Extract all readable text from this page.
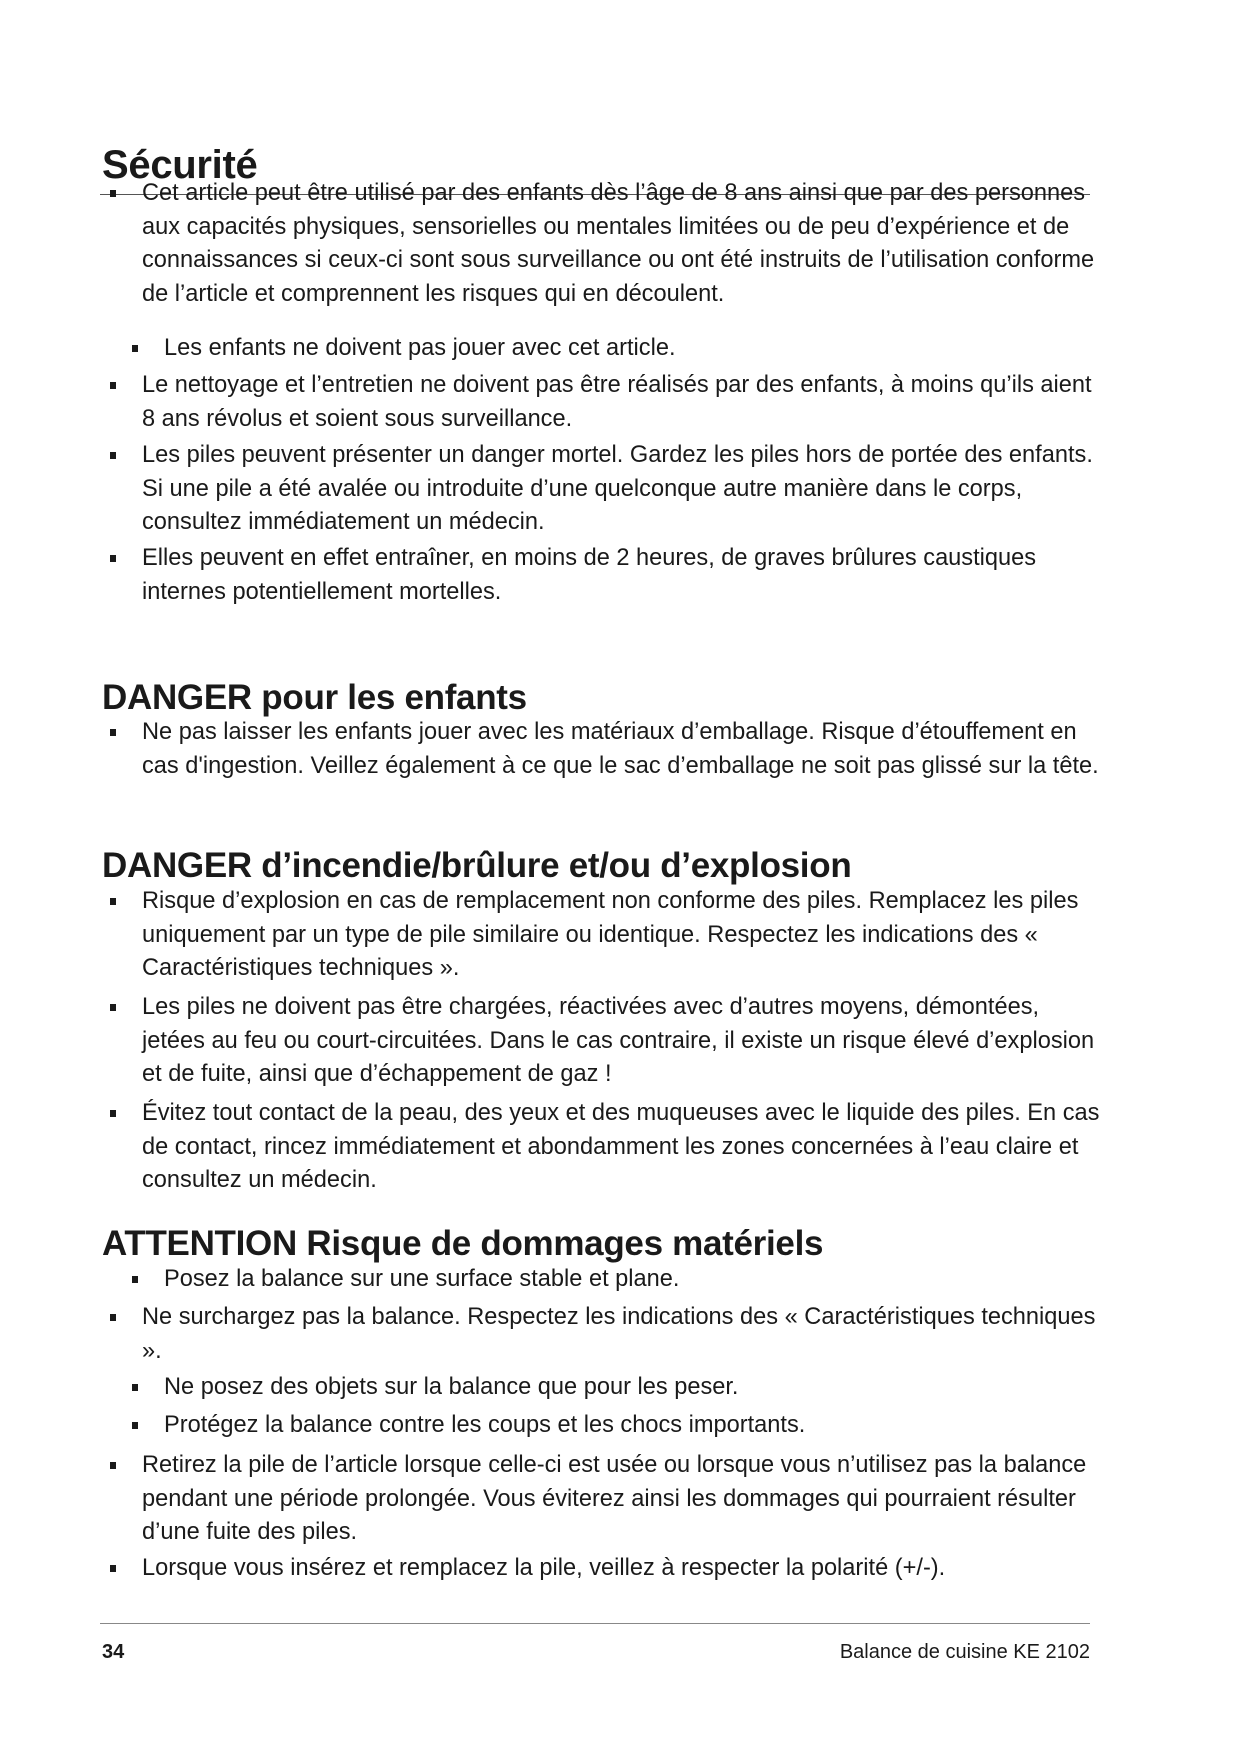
Sécurité
Cet article peut être utilisé par des enfants dès l’âge de 8 ans ainsi que par des personnes aux capacités physiques, sensorielles ou mentales limitées ou de peu d’expérience et de connaissances si ceux-ci sont sous surveillance ou ont été instruits de l’utilisation conforme de l’article et comprennent les risques qui en découlent.
Les enfants ne doivent pas jouer avec cet article.
Le nettoyage et l’entretien ne doivent pas être réalisés par des enfants, à moins qu’ils aient 8 ans révolus et soient sous surveillance.
Les piles peuvent présenter un danger mortel. Gardez les piles hors de portée des enfants. Si une pile a été avalée ou introduite d’une quelconque autre manière dans le corps, consultez immédiatement un médecin.
Elles peuvent en effet entraîner, en moins de 2 heures, de graves brûlures caustiques internes potentiellement mortelles.
DANGER pour les enfants
Ne pas laisser les enfants jouer avec les matériaux d’emballage. Risque d’étouffement en cas d'ingestion. Veillez également à ce que le sac d’emballage ne soit pas glissé sur la tête.
DANGER d’incendie/brûlure et/ou d’explosion
Risque d’explosion en cas de remplacement non conforme des piles. Remplacez les piles uniquement par un type de pile similaire ou identique. Respectez les indications des « Caractéristiques techniques ».
Les piles ne doivent pas être chargées, réactivées avec d’autres moyens, démontées, jetées au feu ou court-circuitées. Dans le cas contraire, il existe un risque élevé d’explosion et de fuite, ainsi que d’échappement de gaz !
Évitez tout contact de la peau, des yeux et des muqueuses avec le liquide des piles. En cas de contact, rincez immédiatement et abondamment les zones concernées à l’eau claire et consultez un médecin.
ATTENTION Risque de dommages matériels
Posez la balance sur une surface stable et plane.
Ne surchargez pas la balance. Respectez les indications des « Caractéristiques techniques ».
Ne posez des objets sur la balance que pour les peser.
Protégez la balance contre les coups et les chocs importants.
Retirez la pile de l’article lorsque celle-ci est usée ou lorsque vous n’utilisez pas la balance pendant une période prolongée. Vous éviterez ainsi les dommages qui pourraient résulter d’une fuite des piles.
Lorsque vous insérez et remplacez la pile, veillez à respecter la polarité (+/-).
34	Balance de cuisine KE 2102
